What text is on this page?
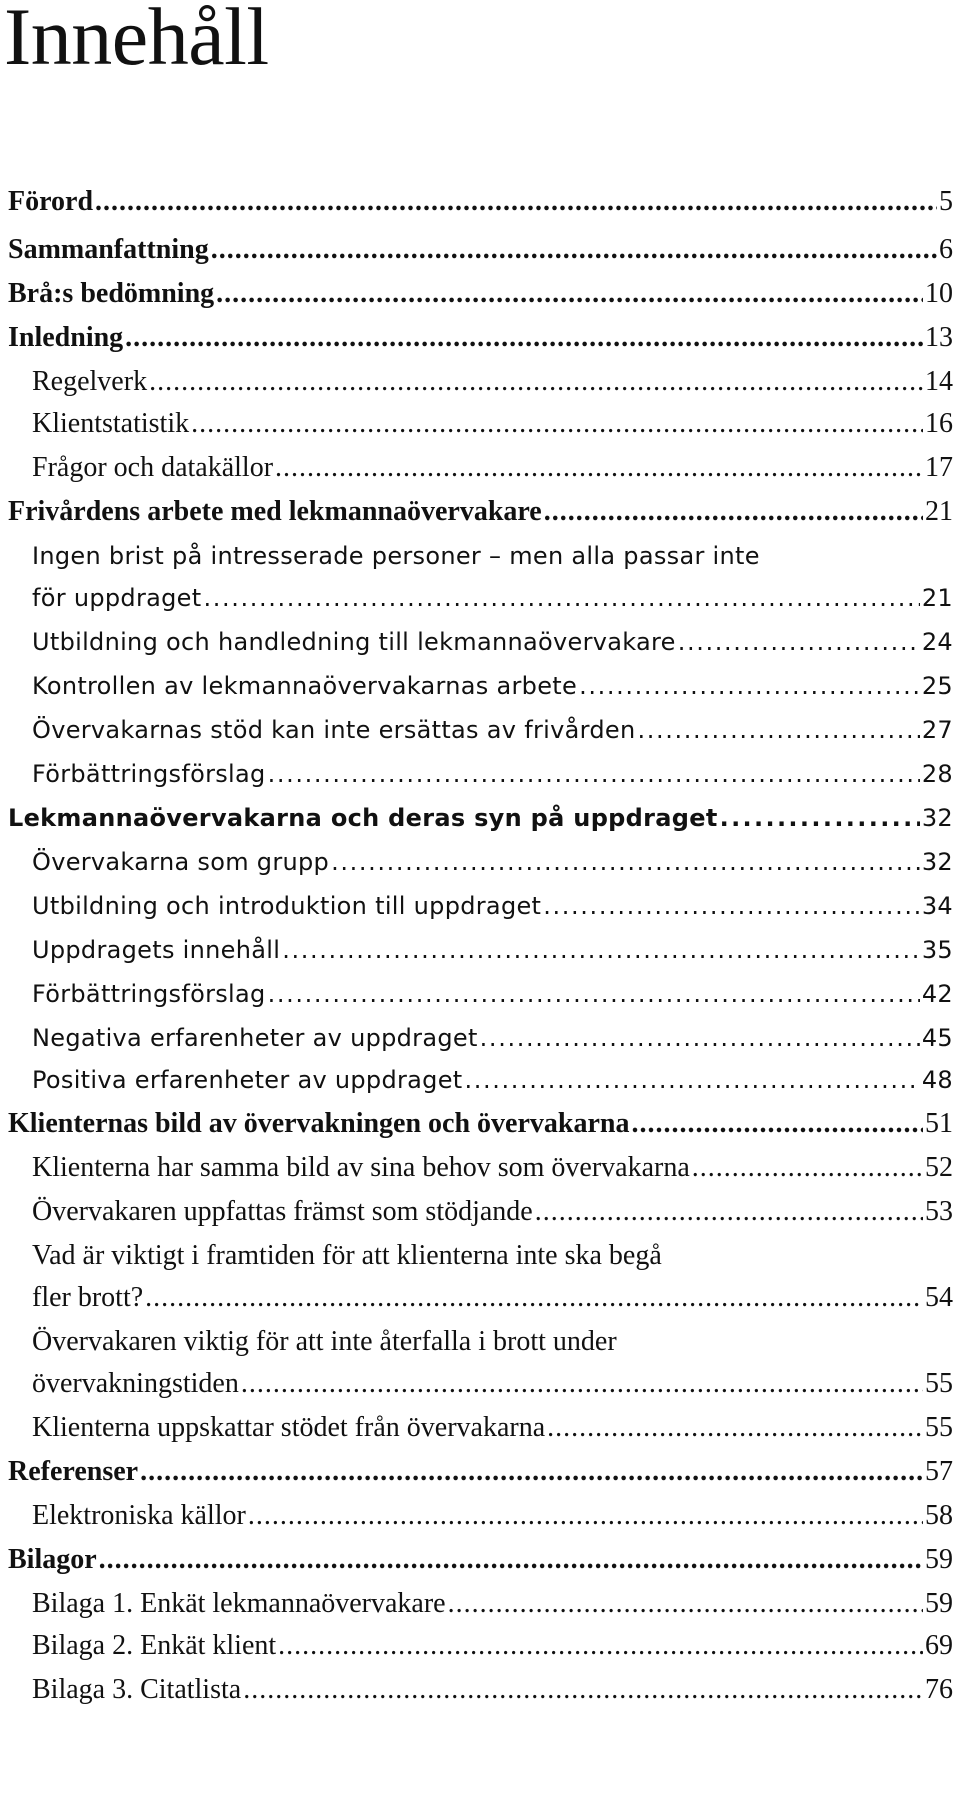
Innehåll
Förord . . .	5
Sammanfattning . . .	6
Brå:s bedömning . . .	10
Inledning . . .	13
Regelverk . . .	14
Klientstatistik . . .	16
Frågor och datakällor . . .	17
Frivårdens arbete med lekmannaövervakare . . .	21
Ingen brist på intresserade personer – men alla passar inte
för uppdraget . . .	21
Utbildning och handledning till lekmannaövervakare . . .	24
Kontrollen av lekmannaövervakarnas arbete . . .	25
Övervakarnas stöd kan inte ersättas av frivården . . .	27
Förbättringsförslag . . .	28
Lekmannaövervakarna och deras syn på uppdraget . . .	32
Övervakarna som grupp . . .	32
Utbildning och introduktion till uppdraget . . .	34
Uppdragets innehåll . . .	35
Förbättringsförslag . . .	42
Negativa erfarenheter av uppdraget . . .	45
Positiva erfarenheter av uppdraget . . .	48
Klienternas bild av övervakningen och övervakarna . . .	51
Klienterna har samma bild av sina behov som övervakarna . . .	52
Övervakaren uppfattas främst som stödjande . . .	53
Vad är viktigt i framtiden för att klienterna inte ska begå
fler brott? . . .	54
Övervakaren viktig för att inte återfalla i brott under
övervakningstiden . . .	55
Klienterna uppskattar stödet från övervakarna . . .	55
Referenser . . .	57
Elektroniska källor . . .	58
Bilagor . . .	59
Bilaga 1. Enkät lekmannaövervakare . . .	59
Bilaga 2. Enkät klient . . .	69
Bilaga 3. Citatlista . . .	76
